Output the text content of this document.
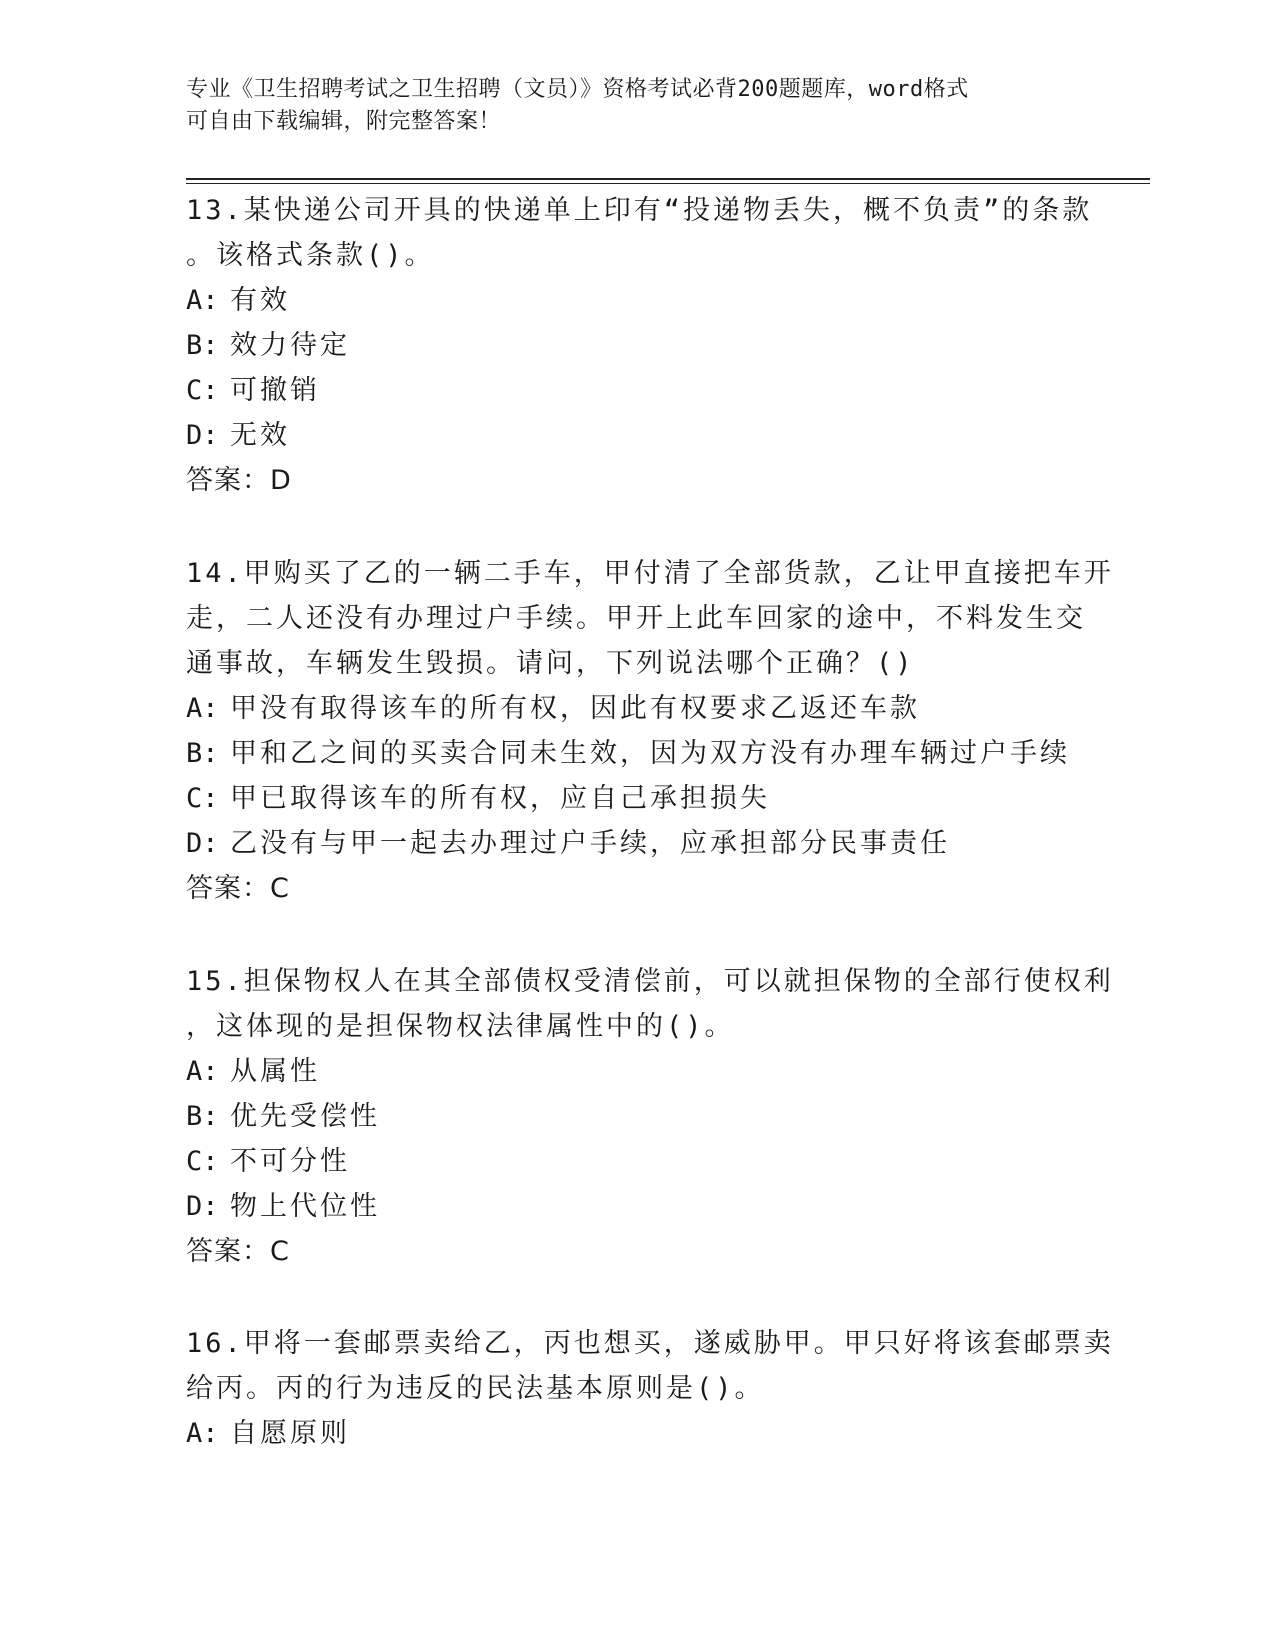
专业《卫生招聘考试之卫生招聘（文员）》资格考试必背200题题库，word格式
可自由下载编辑，附完整答案！
13.某快递公司开具的快递单上印有“投递物丢失，概不负责”的条款
。该格式条款()。
A: 有效
B: 效力待定
C: 可撤销
D: 无效
答案：D
14.甲购买了乙的一辆二手车，甲付清了全部货款，乙让甲直接把车开
走，二人还没有办理过户手续。甲开上此车回家的途中，不料发生交
通事故，车辆发生毁损。请问，下列说法哪个正确？()
A: 甲没有取得该车的所有权，因此有权要求乙返还车款
B: 甲和乙之间的买卖合同未生效，因为双方没有办理车辆过户手续
C: 甲已取得该车的所有权，应自己承担损失
D: 乙没有与甲一起去办理过户手续，应承担部分民事责任
答案：C
15.担保物权人在其全部债权受清偿前，可以就担保物的全部行使权利
，这体现的是担保物权法律属性中的()。
A: 从属性
B: 优先受偿性
C: 不可分性
D: 物上代位性
答案：C
16.甲将一套邮票卖给乙，丙也想买，遂威胁甲。甲只好将该套邮票卖
给丙。丙的行为违反的民法基本原则是()。
A: 自愿原则
